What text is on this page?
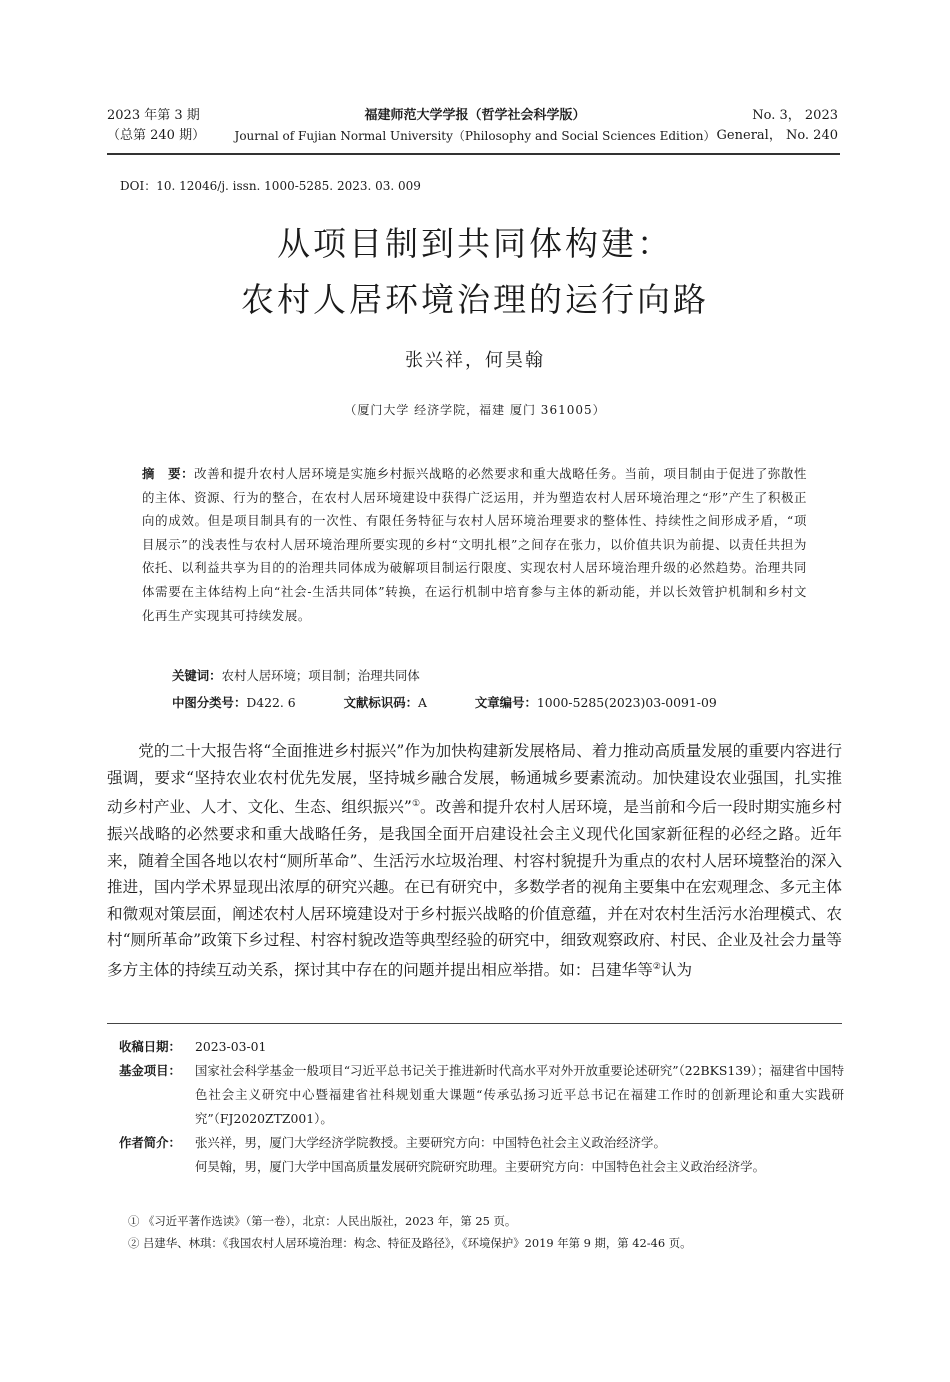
2023 年第 3 期
（总第 240 期）
福建师范大学学报（哲学社会科学版）
Journal of Fujian Normal University（Philosophy and Social Sciences Edition）
No. 3， 2023
General， No. 240
DOI：10. 12046/j. issn. 1000-5285. 2023. 03. 009
从项目制到共同体构建：
农村人居环境治理的运行向路
张兴祥，何昊翰
（厦门大学 经济学院，福建 厦门 361005）
摘　要：改善和提升农村人居环境是实施乡村振兴战略的必然要求和重大战略任务。当前，项目制由于促进了弥散性的主体、资源、行为的整合，在农村人居环境建设中获得广泛运用，并为塑造农村人居环境治理之“形”产生了积极正向的成效。但是项目制具有的一次性、有限任务特征与农村人居环境治理要求的整体性、持续性之间形成矛盾，“项目展示”的浅表性与农村人居环境治理所要实现的乡村“文明扎根”之间存在张力，以价值共识为前提、以责任共担为依托、以利益共享为目的的治理共同体成为破解项目制运行限度、实现农村人居环境治理升级的必然趋势。治理共同体需要在主体结构上向“社会-生活共同体”转换，在运行机制中培育参与主体的新动能，并以长效管护机制和乡村文化再生产实现其可持续发展。
关键词：农村人居环境；项目制；治理共同体
中图分类号：D422. 6	文献标识码：A	文章编号：1000-5285(2023)03-0091-09

党的二十大报告将“全面推进乡村振兴”作为加快构建新发展格局、着力推动高质量发展的重要内容进行强调，要求“坚持农业农村优先发展，坚持城乡融合发展，畅通城乡要素流动。加快建设农业强国，扎实推动乡村产业、人才、文化、生态、组织振兴”①。改善和提升农村人居环境，是当前和今后一段时期实施乡村振兴战略的必然要求和重大战略任务，是我国全面开启建设社会主义现代化国家新征程的必经之路。近年来，随着全国各地以农村“厕所革命”、生活污水垃圾治理、村容村貌提升为重点的农村人居环境整治的深入推进，国内学术界显现出浓厚的研究兴趣。在已有研究中，多数学者的视角主要集中在宏观理念、多元主体和微观对策层面，阐述农村人居环境建设对于乡村振兴战略的价值意蕴，并在对农村生活污水治理模式、农村“厕所革命”政策下乡过程、村容村貌改造等典型经验的研究中，细致观察政府、村民、企业及社会力量等多方主体的持续互动关系，探讨其中存在的问题并提出相应举措。如：吕建华等②认为

收稿日期：	2023-03-01
基金项目：	国家社会科学基金一般项目“习近平总书记关于推进新时代高水平对外开放重要论述研究”（22BKS139）；福建省中国特色社会主义研究中心暨福建省社科规划重大课题“传承弘扬习近平总书记在福建工作时的创新理论和重大实践研究”（FJ2020ZTZ001）。
作者简介：	张兴祥，男，厦门大学经济学院教授。主要研究方向：中国特色社会主义政治经济学。
何昊翰，男，厦门大学中国高质量发展研究院研究助理。主要研究方向：中国特色社会主义政治经济学。
① 《习近平著作选读》（第一卷），北京：人民出版社，2023 年，第 25 页。
② 吕建华、林琪：《我国农村人居环境治理：构念、特征及路径》，《环境保护》2019 年第 9 期，第 42-46 页。
